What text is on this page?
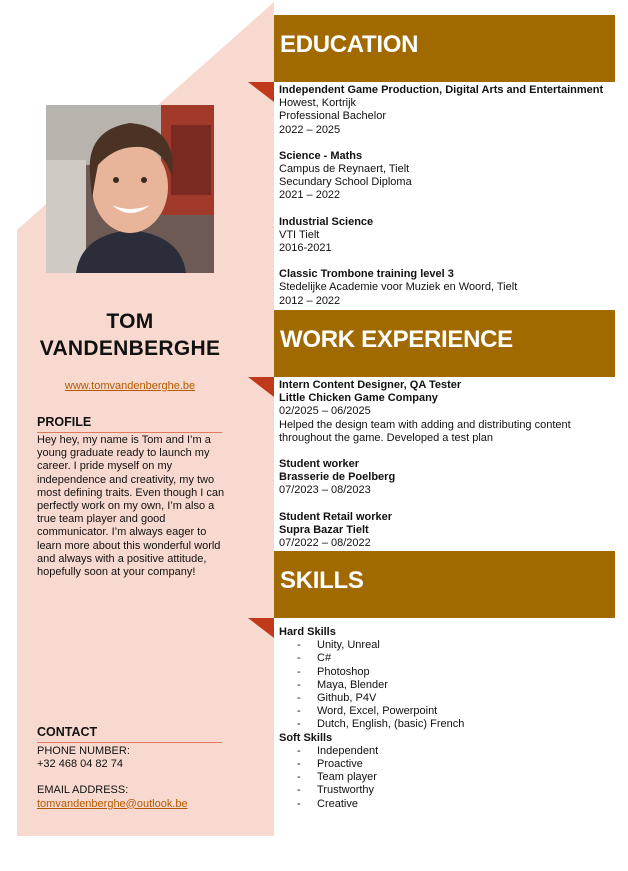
TOM
VANDENBERGHE
www.tomvandenberghe.be
PROFILE
Hey hey, my name is Tom and I’m a young graduate ready to launch my career. I pride myself on my independence and creativity, my two most defining traits. Even though I can perfectly work on my own, I’m also a true team player and good communicator. I’m always eager to learn more about this wonderful world and always with a positive attitude, hopefully soon at your company!
CONTACT
PHONE NUMBER:
+32 468 04 82 74
EMAIL ADDRESS:
tomvandenberghe@outlook.be
EDUCATION
Independent Game Production, Digital Arts and Entertainment
Howest, Kortrijk
Professional Bachelor
2022 – 2025
Science - Maths
Campus de Reynaert, Tielt
Secundary School Diploma
2021 – 2022
Industrial Science
VTI Tielt
2016-2021
Classic Trombone training level 3
Stedelijke Academie voor Muziek en Woord, Tielt
2012 – 2022
WORK EXPERIENCE
Intern Content Designer, QA Tester
Little Chicken Game Company
02/2025 – 06/2025
Helped the design team with adding and distributing content throughout the game. Developed a test plan
Student worker
Brasserie de Poelberg
07/2023 – 08/2023
Student Retail worker
Supra Bazar Tielt
07/2022 – 08/2022
SKILLS
Hard Skills
-	Unity, Unreal
-	C#
-	Photoshop
-	Maya, Blender
-	Github, P4V
-	Word, Excel, Powerpoint
-	Dutch, English, (basic) French
Soft Skills
-	Independent
-	Proactive
-	Team player
-	Trustworthy
-	Creative
